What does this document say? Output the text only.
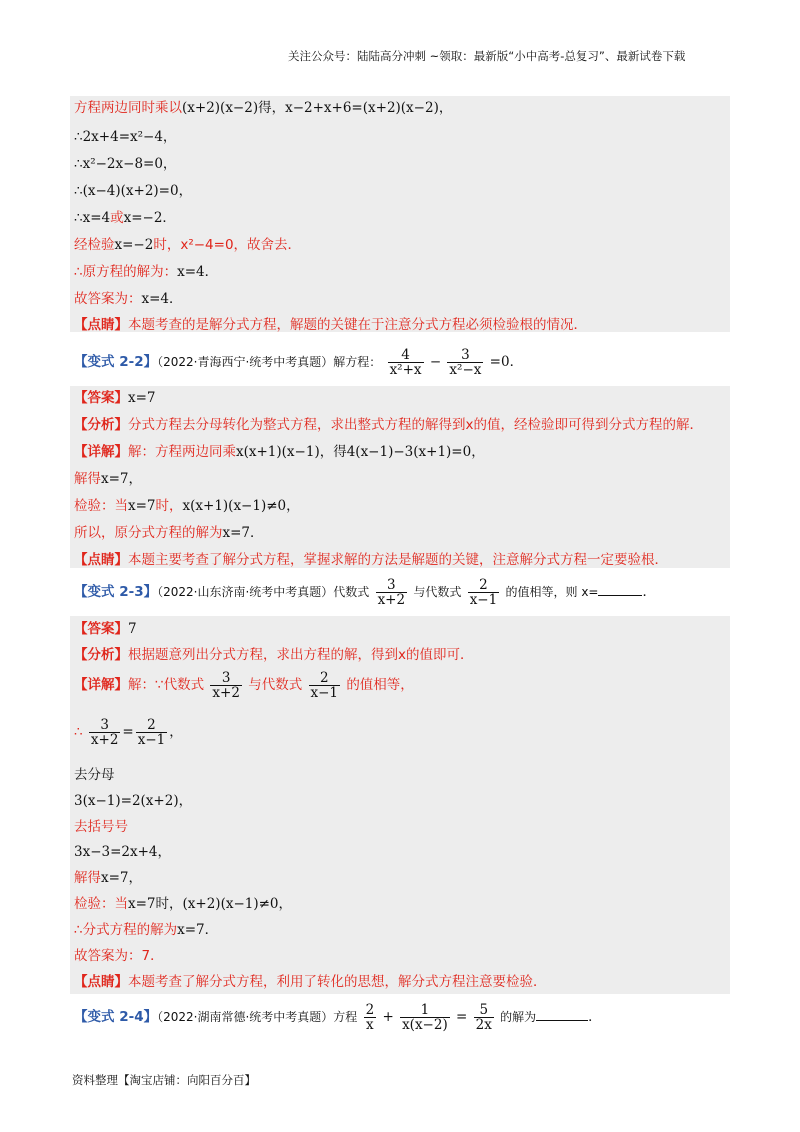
关注公众号：陆陆高分冲刺 ~领取：最新版“小中高考-总复习”、最新试卷下载
方程两边同时乘以(x+2)(x−2)得，x−2+x+6=(x+2)(x−2)，
∴2x+4=x²−4，
∴x²−2x−8=0，
∴(x−4)(x+2)=0，
∴x=4或x=−2．
经检验x=−2时，x²−4=0，故舍去．
∴原方程的解为：x=4．
故答案为：x=4．
【点睛】本题考查的是解分式方程，解题的关键在于注意分式方程必须检验根的情况．
【变式 2-2】（2022·青海西宁·统考中考真题）解方程： $\frac{4}{\text{x²+x}} - \frac{3}{\text{x²−x}} =0$．
【答案】x=7
【分析】分式方程去分母转化为整式方程，求出整式方程的解得到x的值，经检验即可得到分式方程的解．
【详解】解：方程两边同乘x(x+1)(x−1)，得4(x−1)−3(x+1)=0，
解得x=7，
检验：当x=7时，x(x+1)(x−1)≠0，
所以，原分式方程的解为x=7．
【点睛】本题主要考查了解分式方程，掌握求解的方法是解题的关键，注意解分式方程一定要验根．
【变式 2-3】（2022·山东济南·统考中考真题）代数式 $\frac{3}{x+2}$ 与代数式 $\frac{2}{x-1}$ 的值相等，则 x=	．
【答案】7
【分析】根据题意列出分式方程，求出方程的解，得到x的值即可．
【详解】解：∵代数式 $\frac{3}{x+2}$ 与代数式 $\frac{2}{x-1}$ 的值相等，
∴ $\frac{3}{x+2} = \frac{2}{x-1}$ ，
去分母
3(x−1)=2(x+2)，
去括号号
3x−3=2x+4，
解得x=7，
检验：当x=7时，(x+2)(x−1)≠0，
∴分式方程的解为x=7．
故答案为：7．
【点睛】本题考查了解分式方程，利用了转化的思想，解分式方程注意要检验．
【变式 2-4】（2022·湖南常德·统考中考真题）方程 $\frac{2}{x} + \frac{1}{x(x-2)} = \frac{5}{2x}$ 的解为	．
资料整理【淘宝店铺：向阳百分百】
